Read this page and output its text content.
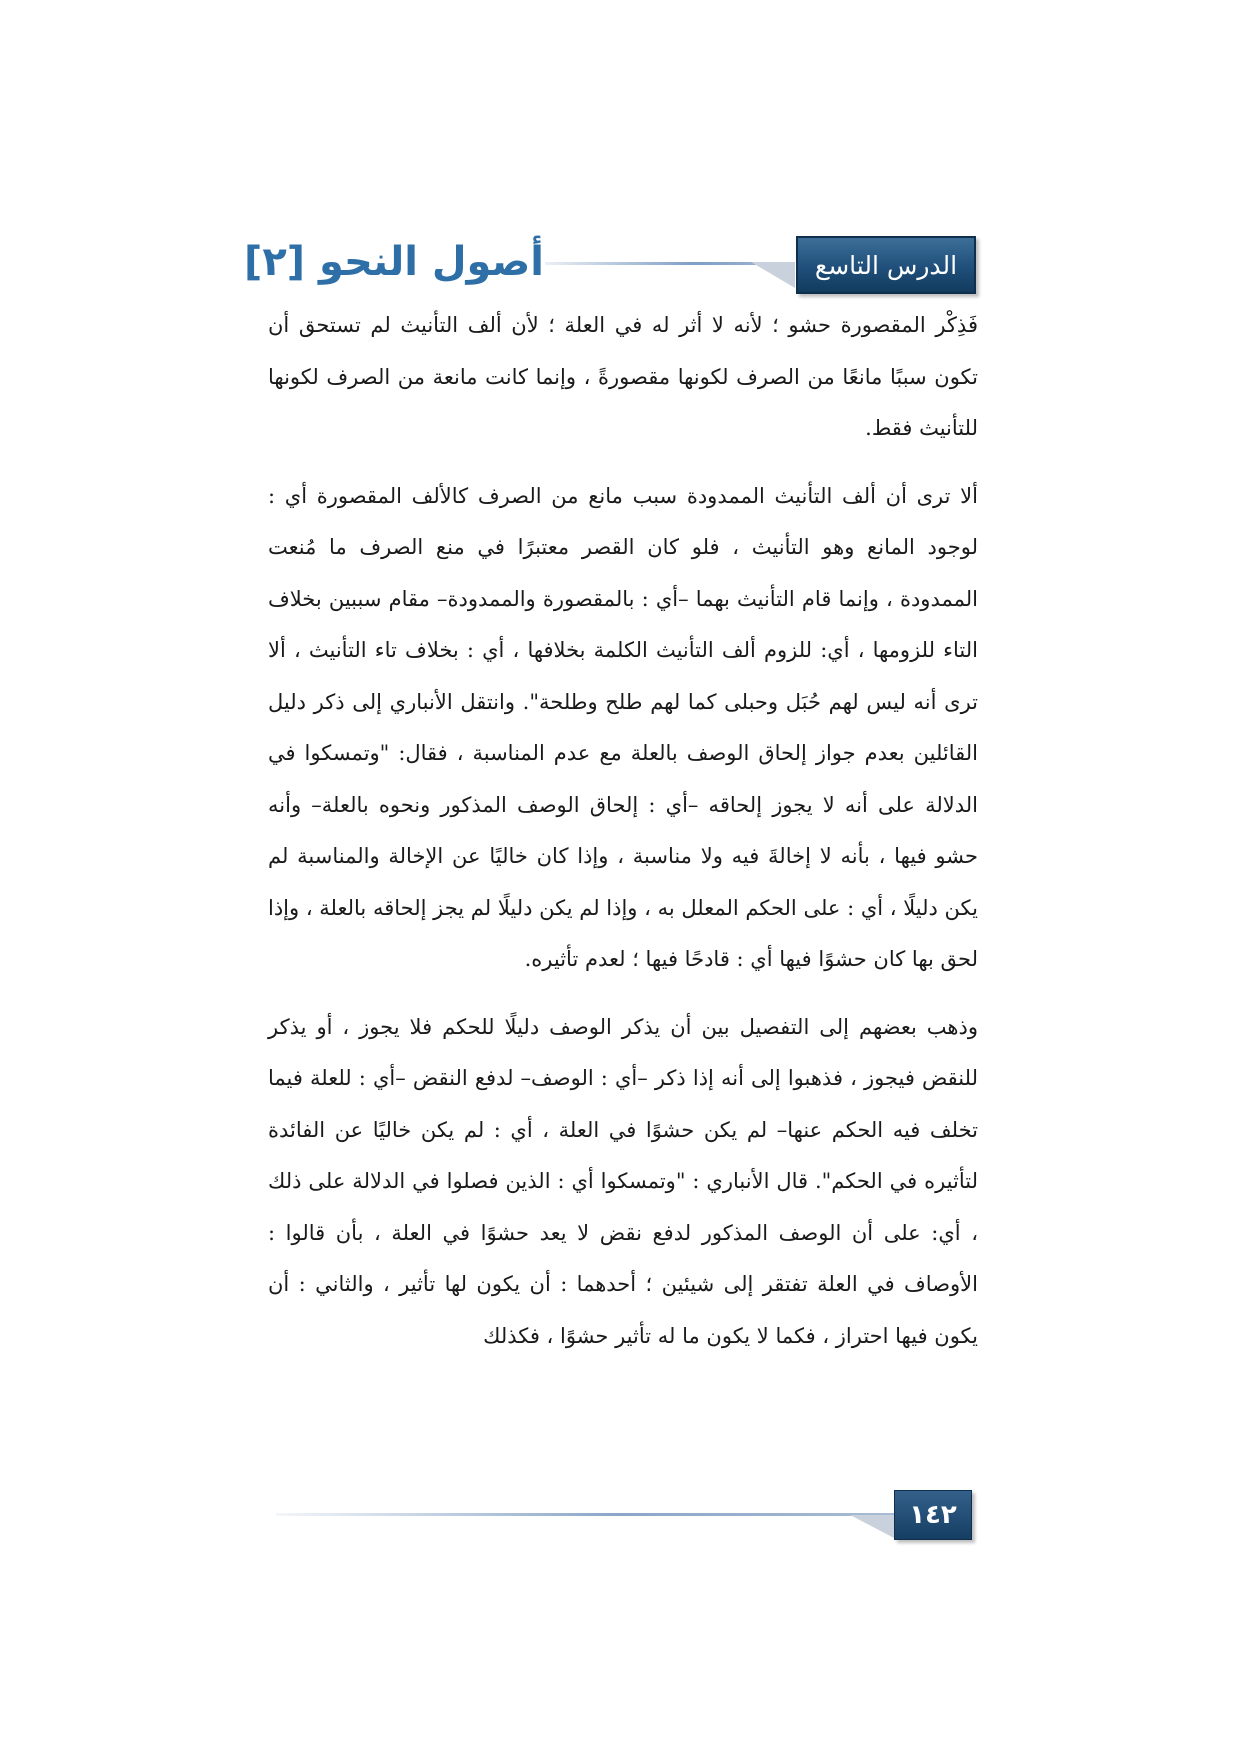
الدرس التاسع
أصول النحو [٢]

فَذِكْر المقصورة حشو ؛ لأنه لا أثر له في العلة ؛ لأن ألف التأنيث لم تستحق أن تكون سببًا مانعًا من الصرف لكونها مقصورةً ، وإنما كانت مانعة من الصرف لكونها للتأنيث فقط.

ألا ترى أن ألف التأنيث الممدودة سبب مانع من الصرف كالألف المقصورة أي : لوجود المانع وهو التأنيث ، فلو كان القصر معتبرًا في منع الصرف ما مُنعت الممدودة ، وإنما قام التأنيث بهما –أي : بالمقصورة والممدودة– مقام سببين بخلاف التاء للزومها ، أي: للزوم ألف التأنيث الكلمة بخلافها ، أي : بخلاف تاء التأنيث ، ألا ترى أنه ليس لهم حُبَل وحبلى كما لهم طلح وطلحة". وانتقل الأنباري إلى ذكر دليل القائلين بعدم جواز إلحاق الوصف بالعلة مع عدم المناسبة ، فقال: "وتمسكوا في الدلالة على أنه لا يجوز إلحاقه –أي : إلحاق الوصف المذكور ونحوه بالعلة– وأنه حشو فيها ، بأنه لا إخالةَ فيه ولا مناسبة ، وإذا كان خاليًا عن الإخالة والمناسبة لم يكن دليلًا ، أي : على الحكم المعلل به ، وإذا لم يكن دليلًا لم يجز إلحاقه بالعلة ، وإذا لحق بها كان حشوًا فيها أي : قادحًا فيها ؛ لعدم تأثيره.

وذهب بعضهم إلى التفصيل بين أن يذكر الوصف دليلًا للحكم فلا يجوز ، أو يذكر للنقض فيجوز ، فذهبوا إلى أنه إذا ذكر –أي : الوصف– لدفع النقض –أي : للعلة فيما تخلف فيه الحكم عنها– لم يكن حشوًا في العلة ، أي : لم يكن خاليًا عن الفائدة لتأثيره في الحكم". قال الأنباري : "وتمسكوا أي : الذين فصلوا في الدلالة على ذلك ، أي: على أن الوصف المذكور لدفع نقض لا يعد حشوًا في العلة ، بأن قالوا : الأوصاف في العلة تفتقر إلى شيئين ؛ أحدهما : أن يكون لها تأثير ، والثاني : أن يكون فيها احتراز ، فكما لا يكون ما له تأثير حشوًا ، فكذلك

١٤٢
